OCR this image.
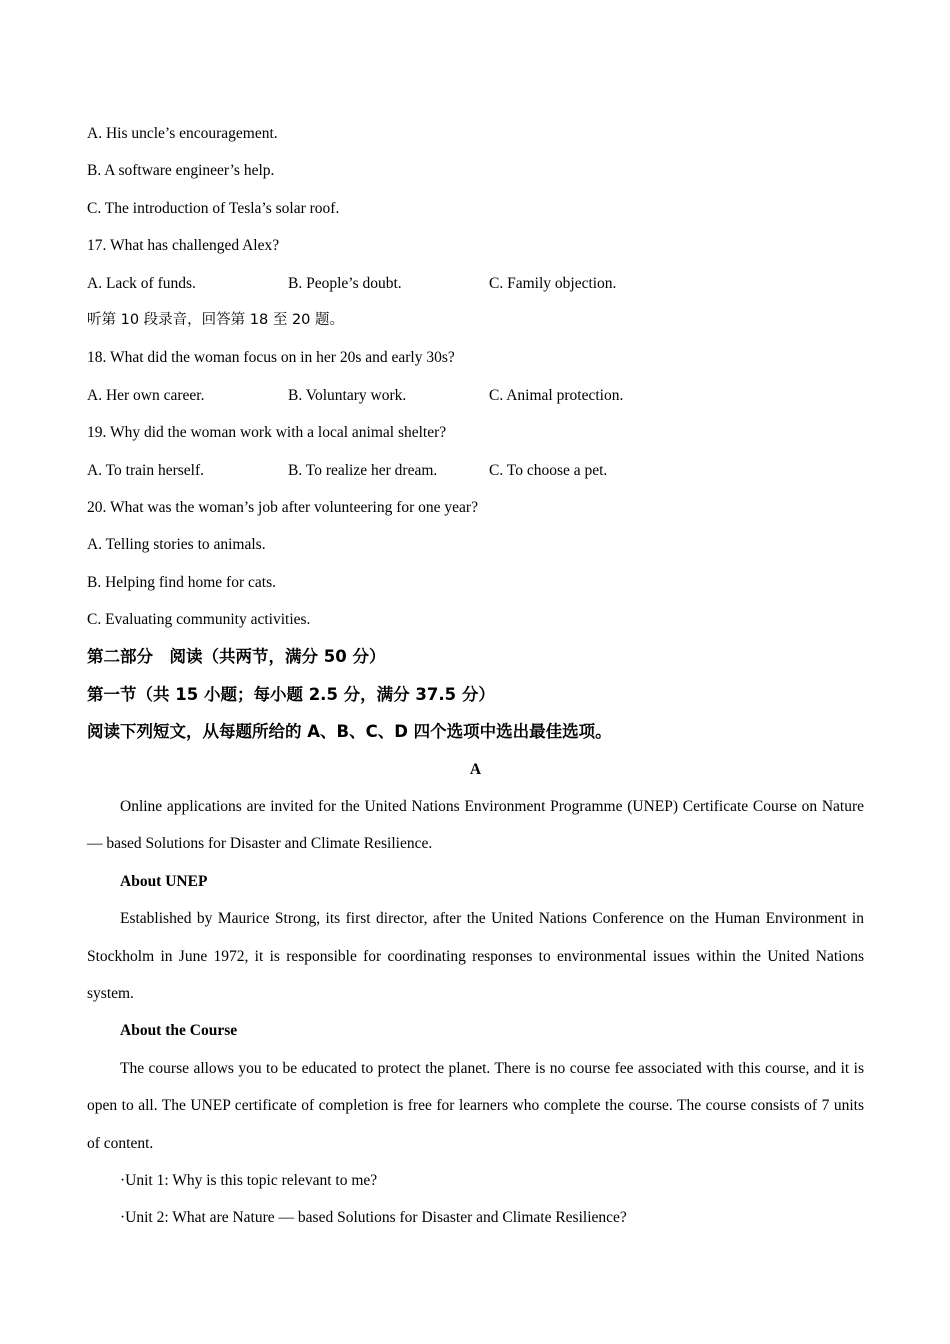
A. His uncle’s encouragement.
B. A software engineer’s help.
C. The introduction of Tesla’s solar roof.
17. What has challenged Alex?
A. Lack of funds.	B. People’s doubt.	C. Family objection.
听第 10 段录音，回答第 18 至 20 题。
18. What did the woman focus on in her 20s and early 30s?
A. Her own career.	B. Voluntary work.	C. Animal protection.
19. Why did the woman work with a local animal shelter?
A. To train herself.	B. To realize her dream.	C. To choose a pet.
20. What was the woman’s job after volunteering for one year?
A. Telling stories to animals.
B. Helping find home for cats.
C. Evaluating community activities.
第二部分　阅读（共两节，满分 50 分）
第一节（共 15 小题；每小题 2.5 分，满分 37.5 分）
阅读下列短文，从每题所给的 A、B、C、D 四个选项中选出最佳选项。
A

Online applications are invited for the United Nations Environment Programme (UNEP) Certificate Course on Nature — based Solutions for Disaster and Climate Resilience.

About UNEP

Established by Maurice Strong, its first director, after the United Nations Conference on the Human Environment in Stockholm in June 1972, it is responsible for coordinating responses to environmental issues within the United Nations system.

About the Course

The course allows you to be educated to protect the planet. There is no course fee associated with this course, and it is open to all. The UNEP certificate of completion is free for learners who complete the course. The course consists of 7 units of content.

·Unit 1: Why is this topic relevant to me?
·Unit 2: What are Nature — based Solutions for Disaster and Climate Resilience?
